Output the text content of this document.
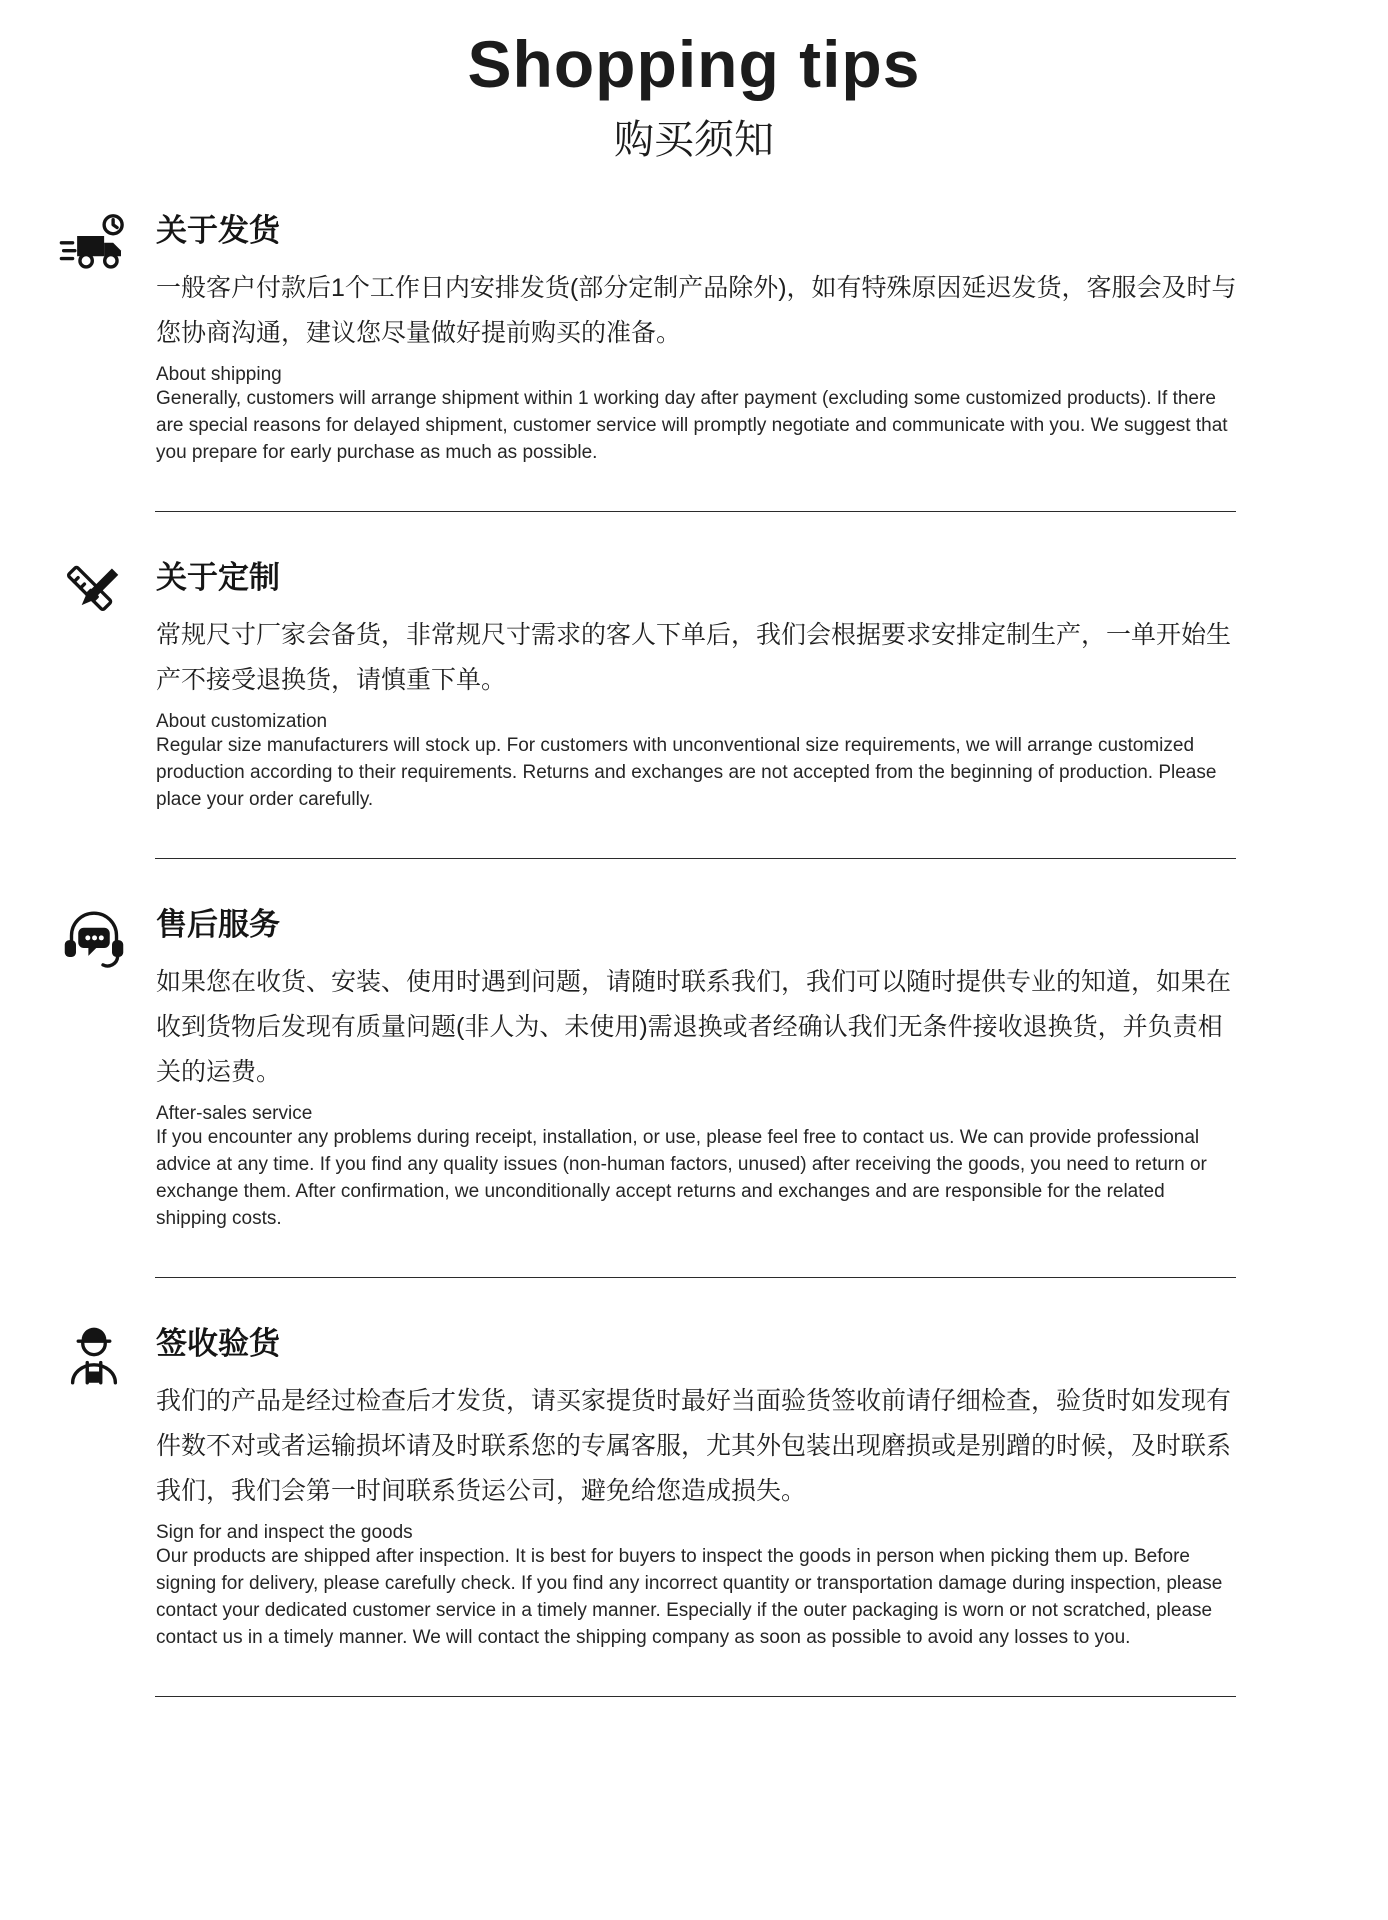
Shopping tips
购买须知
关于发货
一般客户付款后1个工作日内安排发货(部分定制产品除外)，如有特殊原因延迟发货，客服会及时与您协商沟通，建议您尽量做好提前购买的准备。
About shipping
Generally, customers will arrange shipment within 1 working day after payment (excluding some customized products). If there are special reasons for delayed shipment, customer service will promptly negotiate and communicate with you. We suggest that you prepare for early purchase as much as possible.
关于定制
常规尺寸厂家会备货，非常规尺寸需求的客人下单后，我们会根据要求安排定制生产，一单开始生产不接受退换货，请慎重下单。
About customization
Regular size manufacturers will stock up. For customers with unconventional size requirements, we will arrange customized production according to their requirements. Returns and exchanges are not accepted from the beginning of production. Please place your order carefully.
售后服务
如果您在收货、安装、使用时遇到问题，请随时联系我们，我们可以随时提供专业的知道，如果在收到货物后发现有质量问题(非人为、未使用)需退换或者经确认我们无条件接收退换货，并负责相关的运费。
After-sales service
If you encounter any problems during receipt, installation, or use, please feel free to contact us. We can provide professional advice at any time. If you find any quality issues (non-human factors, unused) after receiving the goods, you need to return or exchange them. After confirmation, we unconditionally accept returns and exchanges and are responsible for the related shipping costs.
签收验货
我们的产品是经过检查后才发货，请买家提货时最好当面验货签收前请仔细检查，验货时如发现有件数不对或者运输损坏请及时联系您的专属客服，尤其外包装出现磨损或是别蹭的时候，及时联系我们，我们会第一时间联系货运公司，避免给您造成损失。
Sign for and inspect the goods
Our products are shipped after inspection. It is best for buyers to inspect the goods in person when picking them up. Before signing for delivery, please carefully check. If you find any incorrect quantity or transportation damage during inspection, please contact your dedicated customer service in a timely manner. Especially if the outer packaging is worn or not scratched, please contact us in a timely manner. We will contact the shipping company as soon as possible to avoid any losses to you.
